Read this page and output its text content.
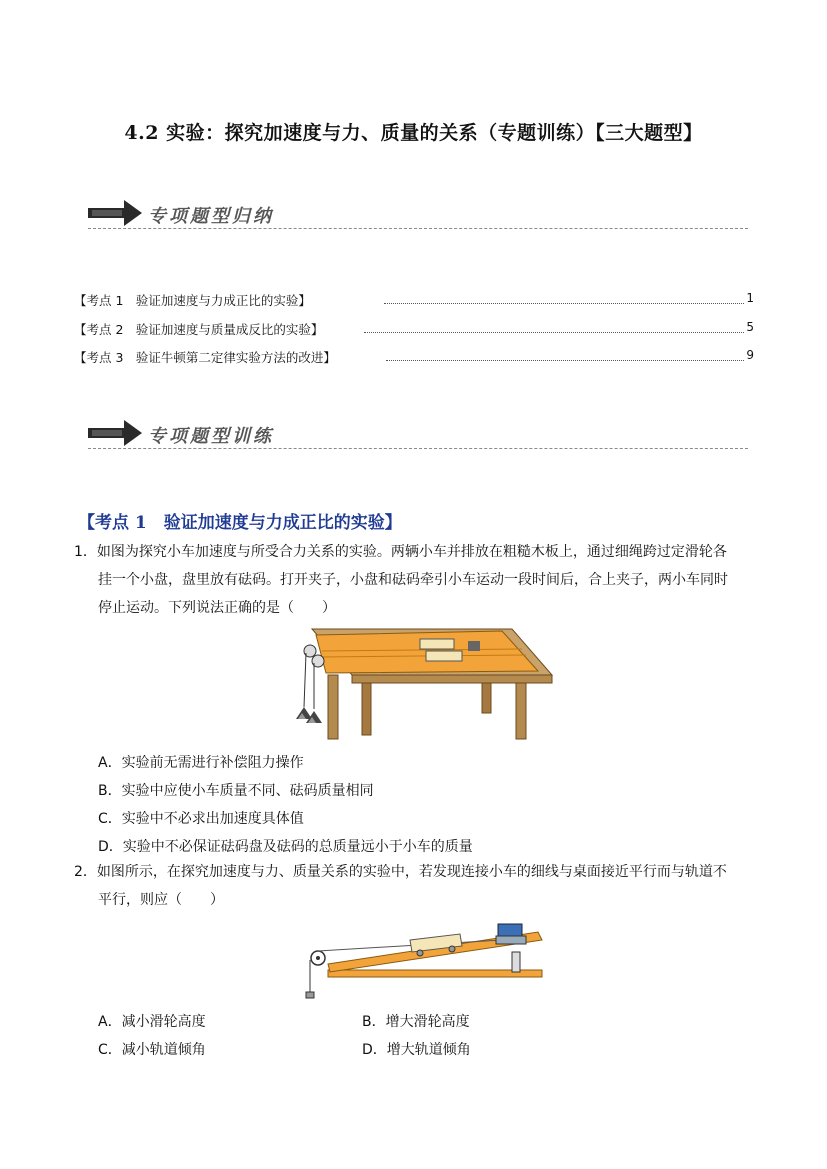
4.2 实验：探究加速度与力、质量的关系（专题训练）【三大题型】
专项题型归纳
【考点 1　验证加速度与力成正比的实验】	1
【考点 2　验证加速度与质量成反比的实验】	5
【考点 3　验证牛顿第二定律实验方法的改进】	9
专项题型训练
【考点 1　验证加速度与力成正比的实验】
1．如图为探究小车加速度与所受合力关系的实验。两辆小车并排放在粗糙木板上，通过细绳跨过定滑轮各
挂一个小盘，盘里放有砝码。打开夹子，小盘和砝码牵引小车运动一段时间后，合上夹子，两小车同时
停止运动。下列说法正确的是（　　）
A．实验前无需进行补偿阻力操作
B．实验中应使小车质量不同、砝码质量相同
C．实验中不必求出加速度具体值
D．实验中不必保证砝码盘及砝码的总质量远小于小车的质量
2．如图所示，在探究加速度与力、质量关系的实验中，若发现连接小车的细线与桌面接近平行而与轨道不
平行，则应（　　）
A．减小滑轮高度	B．增大滑轮高度
C．减小轨道倾角	D．增大轨道倾角
